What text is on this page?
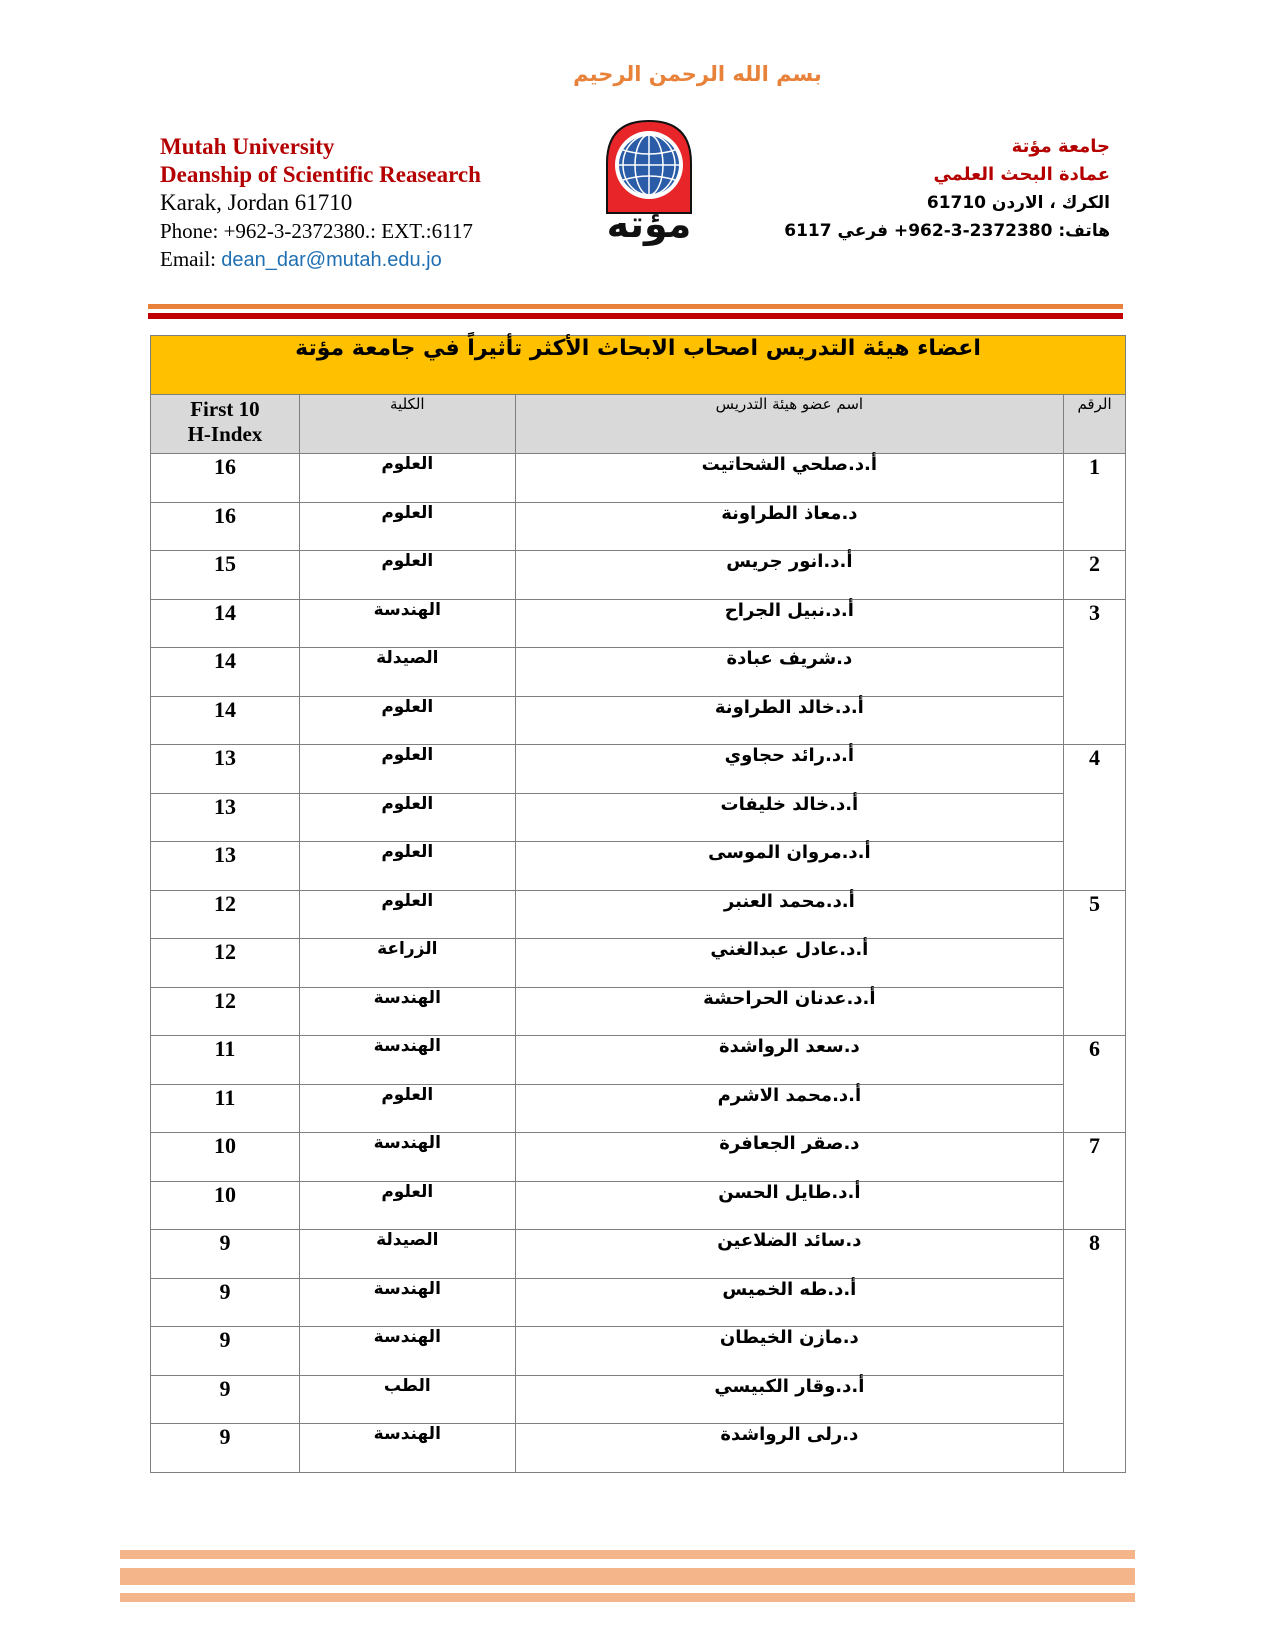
بسم الله الرحمن الرحيم
Mutah University
Deanship of Scientific Reasearch
Karak, Jordan 61710
Phone: +962-3-2372380.: EXT.:6117
Email: dean_dar@mutah.edu.jo
مؤته
جامعة مؤتة
عمادة البحث العلمي
الكرك ، الاردن 61710
هاتف: 2372380-3-962+ فرعي 6117
اعضاء هيئة التدريس اصحاب الابحاث الأكثر تأثيراً في جامعة مؤتة			
الرقم	اسم عضو هيئة التدريس	الكلية	First 10
H-Index

1	أ.د.صلحي الشحاتيت	العلوم	16
	د.معاذ الطراونة	العلوم	16
2	أ.د.انور جريس	العلوم	15
3	أ.د.نبيل الجراح	الهندسة	14
	د.شريف عبادة	الصيدلة	14
	أ.د.خالد الطراونة	العلوم	14
4	أ.د.رائد حجاوي	العلوم	13
	أ.د.خالد خليفات	العلوم	13
	أ.د.مروان الموسى	العلوم	13
5	أ.د.محمد العنبر	العلوم	12
	أ.د.عادل عبدالغني	الزراعة	12
	أ.د.عدنان الحراحشة	الهندسة	12
6	د.سعد الرواشدة	الهندسة	11
	أ.د.محمد الاشرم	العلوم	11
7	د.صقر الجعافرة	الهندسة	10
	أ.د.طايل الحسن	العلوم	10
8	د.سائد الضلاعين	الصيدلة	9
	أ.د.طه الخميس	الهندسة	9
	د.مازن الخيطان	الهندسة	9
	أ.د.وقار الكبيسي	الطب	9
	د.رلى الرواشدة	الهندسة	9
